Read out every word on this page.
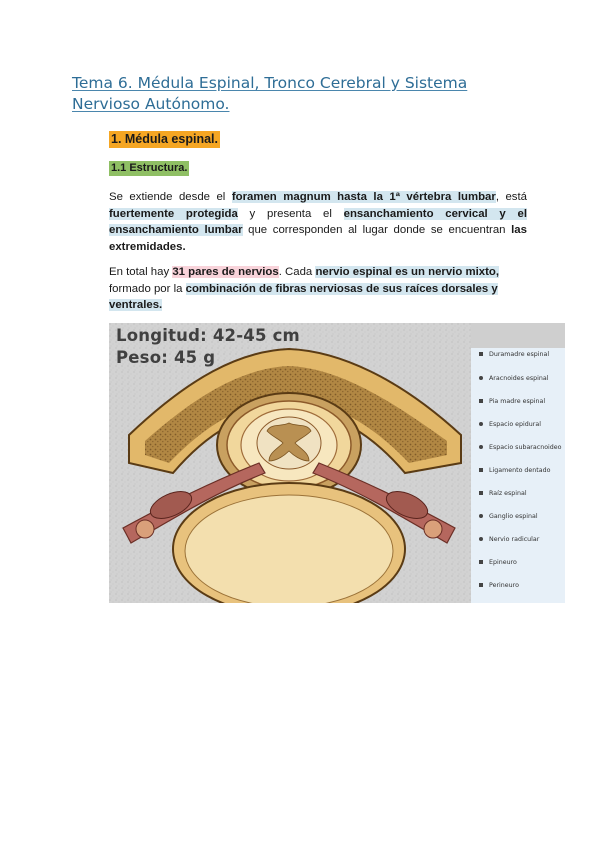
Tema 6. Médula Espinal, Tronco Cerebral y Sistema Nervioso Autónomo.
1. Médula espinal.
1.1 Estructura.

Se extiende desde el foramen magnum hasta la 1ª vértebra lumbar, está fuertemente protegida y presenta el ensanchamiento cervical y el ensanchamiento lumbar que corresponden al lugar donde se encuentran las extremidades.

En total hay 31 pares de nervios. Cada nervio espinal es un nervio mixto, formado por la combinación de fibras nerviosas de sus raíces dorsales y ventrales.

Longitud: 42-45 cm
Peso: 45 g	Duramadre espinal
Aracnoides espinal
Pia madre espinal
Espacio epidural
Espacio subaracnoideo
Ligamento dentado
Raíz espinal
Ganglio espinal
Nervio radicular
Epineuro
Perineuro
